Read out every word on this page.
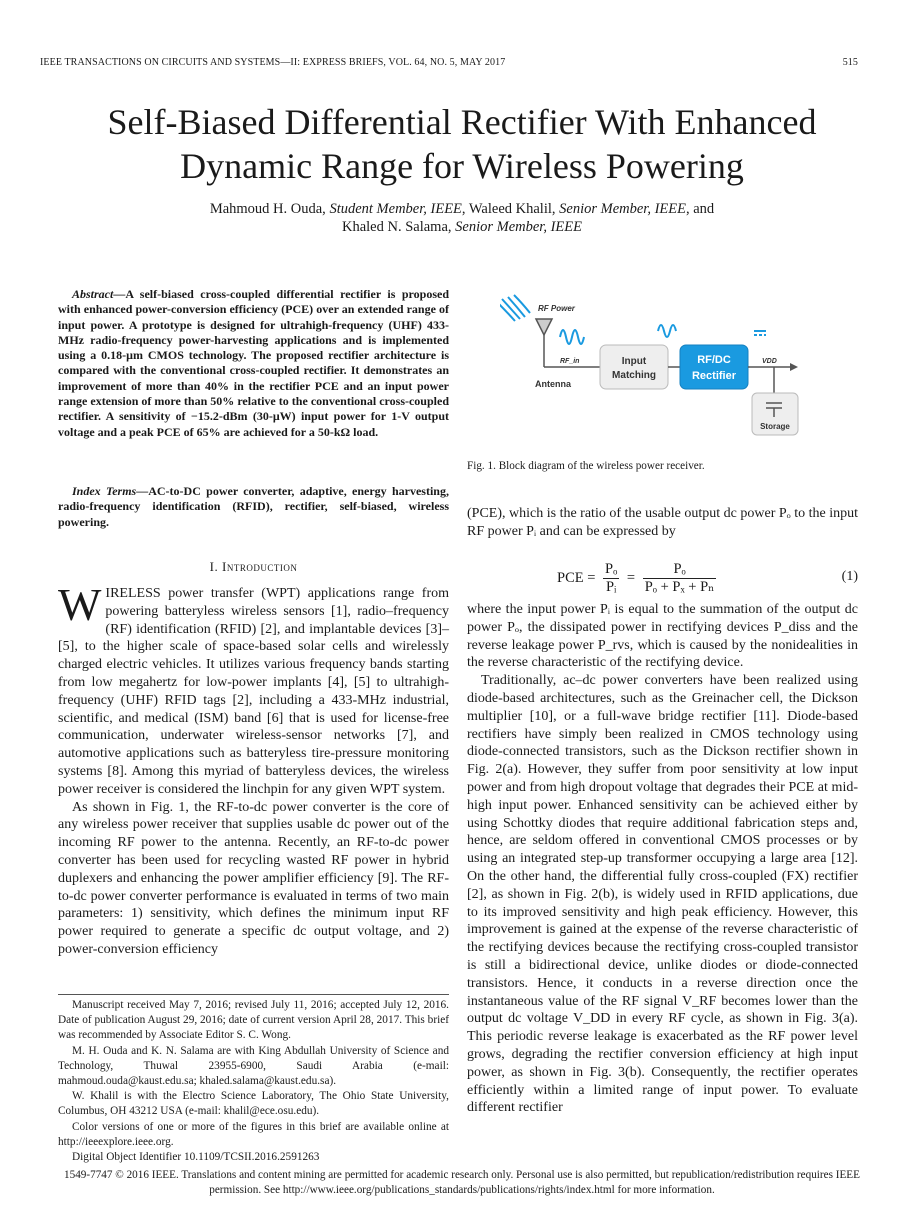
IEEE TRANSACTIONS ON CIRCUITS AND SYSTEMS—II: EXPRESS BRIEFS, VOL. 64, NO. 5, MAY 2017	515
Self-Biased Differential Rectifier With Enhanced Dynamic Range for Wireless Powering
Mahmoud H. Ouda, Student Member, IEEE, Waleed Khalil, Senior Member, IEEE, and
Khaled N. Salama, Senior Member, IEEE
Abstract—A self-biased cross-coupled differential rectifier is proposed with enhanced power-conversion efficiency (PCE) over an extended range of input power. A prototype is designed for ultrahigh-frequency (UHF) 433-MHz radio-frequency power-harvesting applications and is implemented using a 0.18-μm CMOS technology. The proposed rectifier architecture is compared with the conventional cross-coupled rectifier. It demonstrates an improvement of more than 40% in the rectifier PCE and an input power range extension of more than 50% relative to the conventional cross-coupled rectifier. A sensitivity of −15.2-dBm (30-μW) input power for 1-V output voltage and a peak PCE of 65% are achieved for a 50-kΩ load.
Index Terms—AC-to-DC power converter, adaptive, energy harvesting, radio-frequency identification (RFID), rectifier, self-biased, wireless powering.
I. Introduction

WIRELESS power transfer (WPT) applications range from powering batteryless wireless sensors [1], radio–frequency (RF) identification (RFID) [2], and implantable devices [3]–[5], to the higher scale of space-based solar cells and wirelessly charged electric vehicles. It utilizes various frequency bands starting from low megahertz for low-power implants [4], [5] to ultrahigh-frequency (UHF) RFID tags [2], including a 433-MHz industrial, scientific, and medical (ISM) band [6] that is used for license-free communication, underwater wireless-sensor networks [7], and automotive applications such as batteryless tire-pressure monitoring systems [8]. Among this myriad of batteryless devices, the wireless power receiver is considered the linchpin for any given WPT system.

As shown in Fig. 1, the RF-to-dc power converter is the core of any wireless power receiver that supplies usable dc power out of the incoming RF power to the antenna. Recently, an RF-to-dc power converter has been used for recycling wasted RF power in hybrid duplexers and enhancing the power amplifier efficiency [9]. The RF-to-dc power converter performance is evaluated in terms of two main parameters: 1) sensitivity, which defines the minimum input RF power required to generate a specific dc output voltage, and 2) power-conversion efficiency

Manuscript received May 7, 2016; revised July 11, 2016; accepted July 12, 2016. Date of publication August 29, 2016; date of current version April 28, 2017. This brief was recommended by Associate Editor S. C. Wong.

M. H. Ouda and K. N. Salama are with King Abdullah University of Science and Technology, Thuwal 23955-6900, Saudi Arabia (e-mail: mahmoud.ouda@kaust.edu.sa; khaled.salama@kaust.edu.sa).

W. Khalil is with the Electro Science Laboratory, The Ohio State University, Columbus, OH 43212 USA (e-mail: khalil@ece.osu.edu).

Color versions of one or more of the figures in this brief are available online at http://ieeexplore.ieee.org.

Digital Object Identifier 10.1109/TCSII.2016.2591263

RF Power
RF_in
Antenna
Input
Matching
RF/DC
Rectifier
VDD
Storage
Fig. 1. Block diagram of the wireless power receiver.

(PCE), which is the ratio of the usable output dc power Pₒ to the input RF power Pᵢ and can be expressed by

PCE = $\frac{\text{Pₒ}}{\text{Pᵢ}} = \frac{\text{Pₒ}}{\text{Pₒ + Pₓ + Pₙ}}$	(1)

where the input power Pᵢ is equal to the summation of the output dc power Pₒ, the dissipated power in rectifying devices P_diss and the reverse leakage power P_rvs, which is caused by the nonidealities in the reverse characteristic of the rectifying device.

Traditionally, ac–dc power converters have been realized using diode-based architectures, such as the Greinacher cell, the Dickson multiplier [10], or a full-wave bridge rectifier [11]. Diode-based rectifiers have simply been realized in CMOS technology using diode-connected transistors, such as the Dickson rectifier shown in Fig. 2(a). However, they suffer from poor sensitivity at low input power and from high dropout voltage that degrades their PCE at mid-high input power. Enhanced sensitivity can be achieved either by using Schottky diodes that require additional fabrication steps and, hence, are seldom offered in conventional CMOS processes or by using an integrated step-up transformer occupying a large area [12]. On the other hand, the differential fully cross-coupled (FX) rectifier [2], as shown in Fig. 2(b), is widely used in RFID applications, due to its improved sensitivity and high peak efficiency. However, this improvement is gained at the expense of the reverse characteristic of the rectifying devices because the rectifying cross-coupled transistor is still a bidirectional device, unlike diodes or diode-connected transistors. Hence, it conducts in a reverse direction once the instantaneous value of the RF signal V_RF becomes lower than the output dc voltage V_DD in every RF cycle, as shown in Fig. 3(a). This periodic reverse leakage is exacerbated as the RF power level grows, degrading the rectifier conversion efficiency at high input power, as shown in Fig. 3(b). Consequently, the rectifier operates efficiently within a limited range of input power. To evaluate different rectifier

1549-7747 © 2016 IEEE. Translations and content mining are permitted for academic research only. Personal use is also permitted, but republication/redistribution requires IEEE permission. See http://www.ieee.org/publications_standards/publications/rights/index.html for more information.
